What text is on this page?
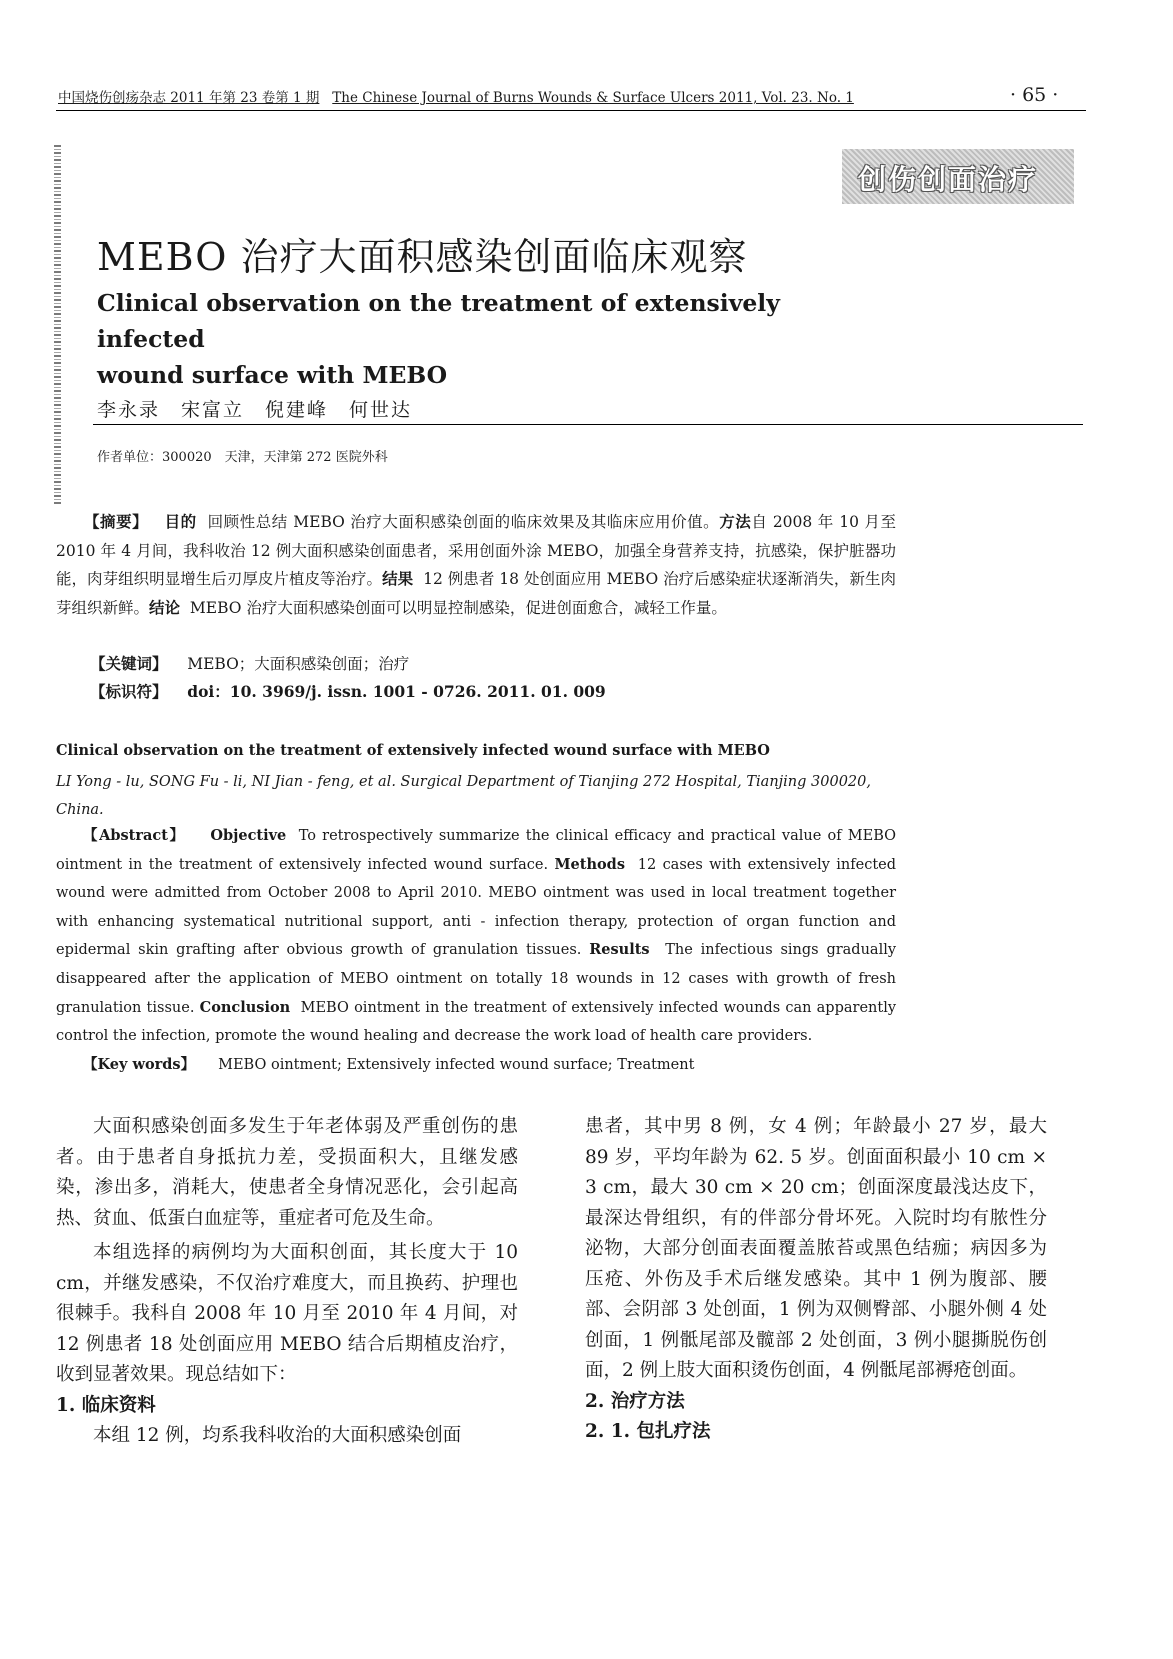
中国烧伤创疡杂志 2011 年第 23 卷第 1 期 The Chinese Journal of Burns Wounds & Surface Ulcers 2011, Vol. 23. No. 1	· 65 ·
创伤创面治疗
MEBO 治疗大面积感染创面临床观察
Clinical observation on the treatment of extensively infected
wound surface with MEBO
李永录　宋富立　倪建峰　何世达
作者单位：300020　天津，天津第 272 医院外科
【摘要】 目的 回顾性总结 MEBO 治疗大面积感染创面的临床效果及其临床应用价值。方法自 2008 年 10 月至 2010 年 4 月间，我科收治 12 例大面积感染创面患者，采用创面外涂 MEBO，加强全身营养支持，抗感染，保护脏器功能，肉芽组织明显增生后刃厚皮片植皮等治疗。结果 12 例患者 18 处创面应用 MEBO 治疗后感染症状逐渐消失，新生肉芽组织新鲜。结论 MEBO 治疗大面积感染创面可以明显控制感染，促进创面愈合，减轻工作量。
【关键词】 MEBO；大面积感染创面；治疗
【标识符】 doi：10. 3969/j. issn. 1001 - 0726. 2011. 01. 009
Clinical observation on the treatment of extensively infected wound surface with MEBO
LI Yong - lu, SONG Fu - li, NI Jian - feng, et al. Surgical Department of Tianjing 272 Hospital, Tianjing 300020, China.
【Abstract】 Objective To retrospectively summarize the clinical efficacy and practical value of MEBO ointment in the treatment of extensively infected wound surface. Methods 12 cases with extensively infected wound were admitted from October 2008 to April 2010. MEBO ointment was used in local treatment together with enhancing systematical nutritional support, anti - infection therapy, protection of organ function and epidermal skin grafting after obvious growth of granulation tissues. Results The infectious sings gradually disappeared after the application of MEBO ointment on totally 18 wounds in 12 cases with growth of fresh granulation tissue. Conclusion MEBO ointment in the treatment of extensively infected wounds can apparently control the infection, promote the wound healing and decrease the work load of health care providers.
【Key words】 MEBO ointment; Extensively infected wound surface; Treatment

大面积感染创面多发生于年老体弱及严重创伤的患者。由于患者自身抵抗力差，受损面积大，且继发感染，渗出多，消耗大，使患者全身情况恶化，会引起高热、贫血、低蛋白血症等，重症者可危及生命。

本组选择的病例均为大面积创面，其长度大于 10 cm，并继发感染，不仅治疗难度大，而且换药、护理也很棘手。我科自 2008 年 10 月至 2010 年 4 月间，对 12 例患者 18 处创面应用 MEBO 结合后期植皮治疗，收到显著效果。现总结如下：

1. 临床资料

本组 12 例，均系我科收治的大面积感染创面

患者，其中男 8 例，女 4 例；年龄最小 27 岁，最大 89 岁，平均年龄为 62. 5 岁。创面面积最小 10 cm × 3 cm，最大 30 cm × 20 cm；创面深度最浅达皮下，最深达骨组织，有的伴部分骨坏死。入院时均有脓性分泌物，大部分创面表面覆盖脓苔或黑色结痂；病因多为压疮、外伤及手术后继发感染。其中 1 例为腹部、腰部、会阴部 3 处创面，1 例为双侧臀部、小腿外侧 4 处创面，1 例骶尾部及髋部 2 处创面，3 例小腿撕脱伤创面，2 例上肢大面积烫伤创面，4 例骶尾部褥疮创面。

2. 治疗方法

2. 1. 包扎疗法
